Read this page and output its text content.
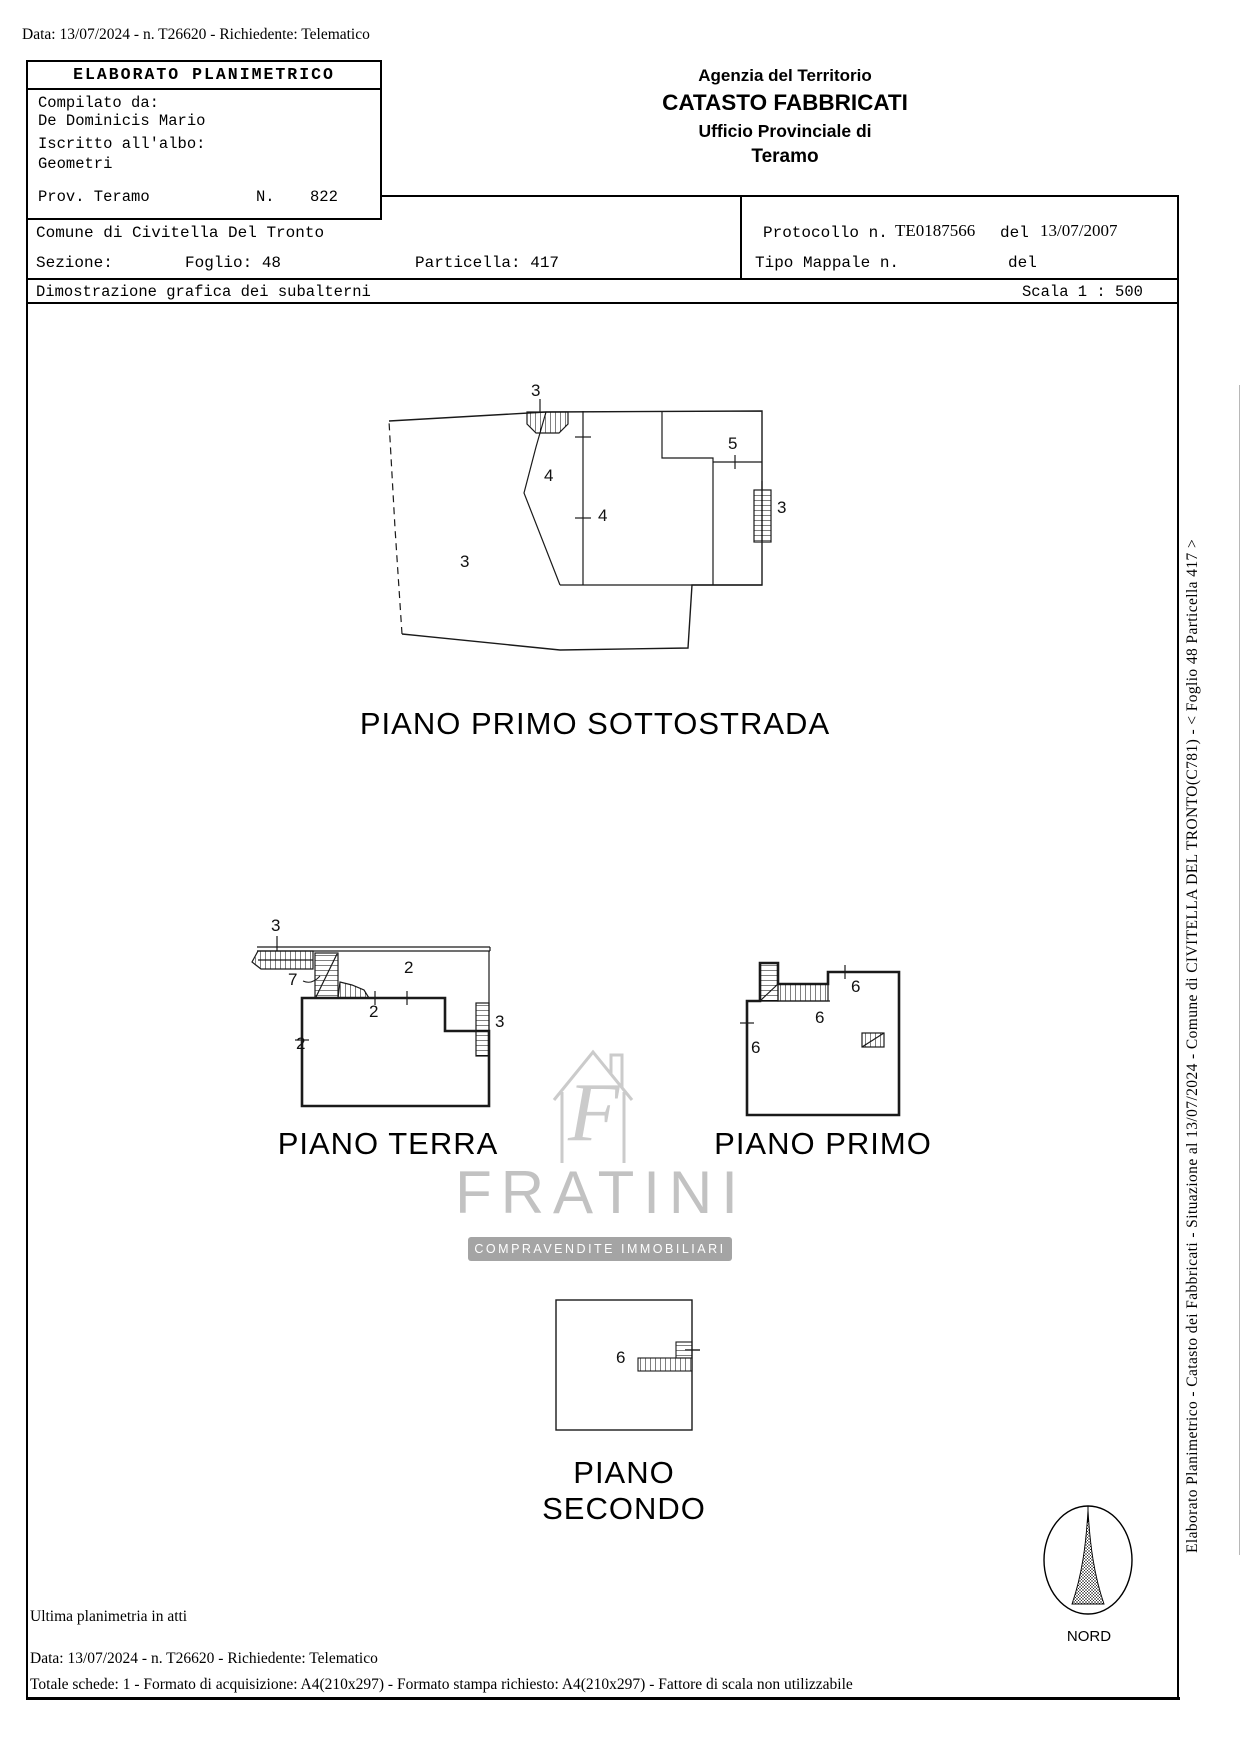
Data: 13/07/2024 - n. T26620 - Richiedente: Telematico
ELABORATO PLANIMETRICO
Compilato da:
De Dominicis Mario
Iscritto all'albo:
Geometri
Prov. Teramo	N. 822
Agenzia del Territorio
CATASTO FABBRICATI
Ufficio Provinciale di
Teramo
Comune di Civitella Del Tronto
Sezione:	Foglio: 48	Particella: 417
Protocollo n. TE0187566 del 13/07/2007
Tipo Mappale n.	del
Dimostrazione grafica dei subalterni	Scala 1 : 500
F
FRATINI
COMPRAVENDITE IMMOBILIARI
3
4
4
5
3
3
3
7
2
2
2
3
6
6
6
6
PIANO PRIMO SOTTOSTRADA
PIANO TERRA	PIANO PRIMO
PIANO SECONDO
NORD
Elaborato Planimetrico - Catasto dei Fabbricati - Situazione al 13/07/2024 - Comune di CIVITELLA DEL TRONTO(C781) - < Foglio 48 Particella 417 >
Ultima planimetria in atti
Data: 13/07/2024 - n. T26620 - Richiedente: Telematico
Totale schede: 1 - Formato di acquisizione: A4(210x297) - Formato stampa richiesto: A4(210x297) - Fattore di scala non utilizzabile
